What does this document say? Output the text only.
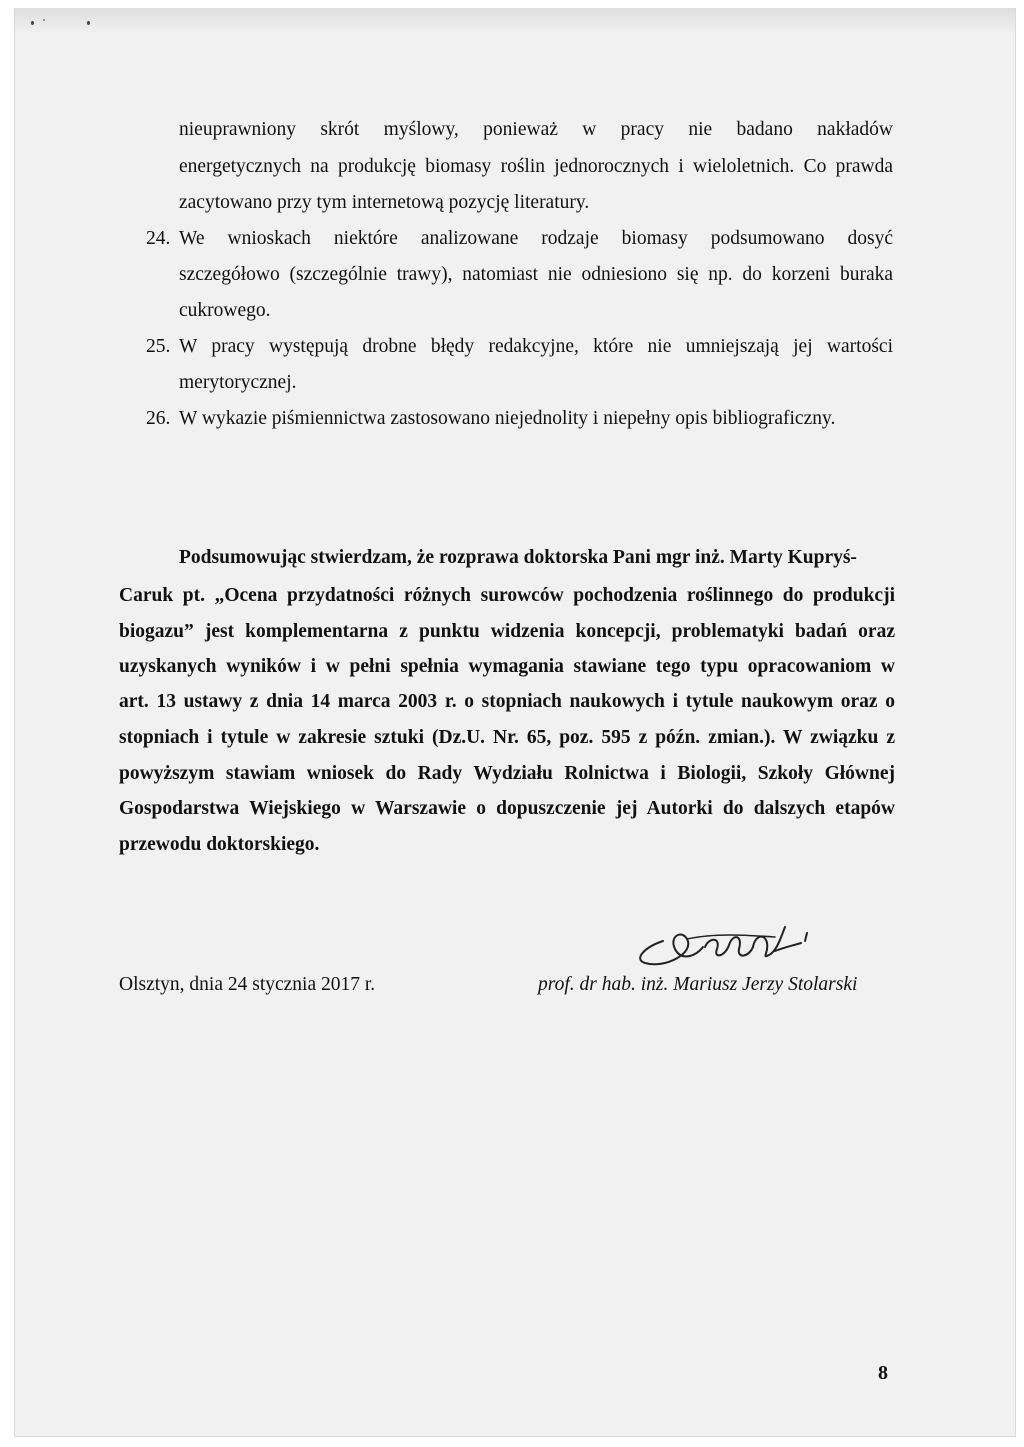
nieuprawniony skrót myślowy, ponieważ w pracy nie badano nakładów
energetycznych na produkcję biomasy roślin jednorocznych i wieloletnich. Co prawda
zacytowano przy tym internetową pozycję literatury.
24. We wnioskach niektóre analizowane rodzaje biomasy podsumowano dosyć
szczegółowo (szczególnie trawy), natomiast nie odniesiono się np. do korzeni buraka
cukrowego.
25. W pracy występują drobne błędy redakcyjne, które nie umniejszają jej wartości
merytorycznej.
26. W wykazie piśmiennictwa zastosowano niejednolity i niepełny opis bibliograficzny.
Podsumowując stwierdzam, że rozprawa doktorska Pani mgr inż. Marty Kupryś-
Caruk pt. „Ocena przydatności różnych surowców pochodzenia roślinnego do produkcji
biogazu” jest komplementarna z punktu widzenia koncepcji, problematyki badań oraz
uzyskanych wyników i w pełni spełnia wymagania stawiane tego typu opracowaniom w
art. 13 ustawy z dnia 14 marca 2003 r. o stopniach naukowych i tytule naukowym oraz o
stopniach i tytule w zakresie sztuki (Dz.U. Nr. 65, poz. 595 z późn. zmian.). W związku z
powyższym stawiam wniosek do Rady Wydziału Rolnictwa i Biologii, Szkoły Głównej
Gospodarstwa Wiejskiego w Warszawie o dopuszczenie jej Autorki do dalszych etapów
przewodu doktorskiego.
Olsztyn, dnia 24 stycznia 2017 r.	prof. dr hab. inż. Mariusz Jerzy Stolarski
8
